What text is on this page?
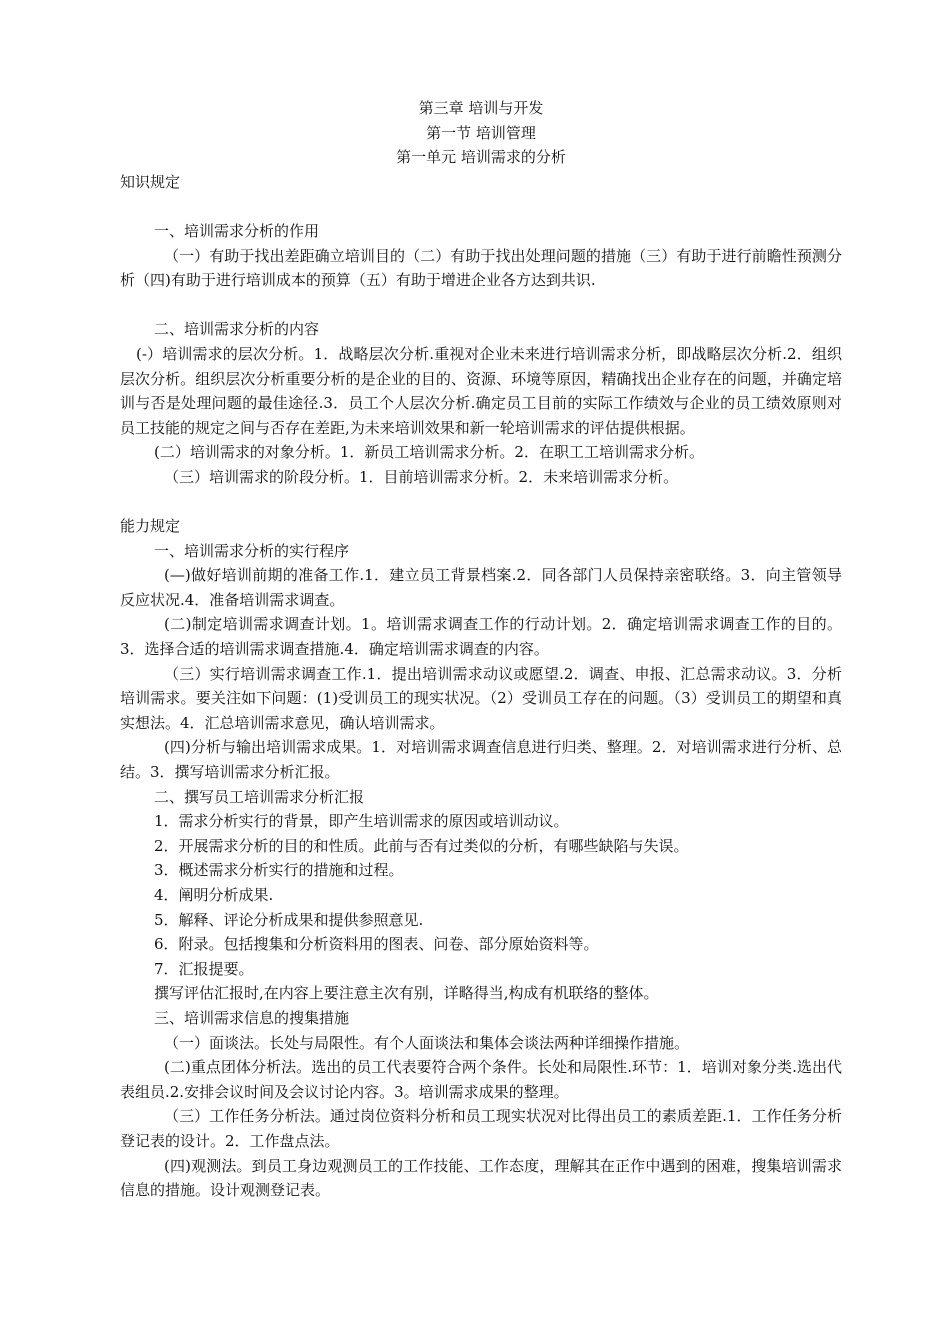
第三章 培训与开发
第一节 培训管理
第一单元 培训需求的分析
知识规定
一、培训需求分析的作用
（一）有助于找出差距确立培训目的（二）有助于找出处理问题的措施（三）有助于进行前瞻性预测分析（四)有助于进行培训成本的预算（五）有助于增进企业各方达到共识.
二、培训需求分析的内容
(-）培训需求的层次分析。1．战略层次分析.重视对企业未来进行培训需求分析，即战略层次分析.2．组织层次分析。组织层次分析重要分析的是企业的目的、资源、环境等原因，精确找出企业存在的问题，并确定培训与否是处理问题的最佳途径.3．员工个人层次分析.确定员工目前的实际工作绩效与企业的员工绩效原则对员工技能的规定之间与否存在差距,为未来培训效果和新一轮培训需求的评估提供根据。
(二）培训需求的对象分析。1．新员工培训需求分析。2．在职工工培训需求分析。
（三）培训需求的阶段分析。1．目前培训需求分析。2．未来培训需求分析。
能力规定
一、培训需求分析的实行程序
(—)做好培训前期的准备工作.1．建立员工背景档案.2．同各部门人员保持亲密联络。3．向主管领导反应状况.4．准备培训需求调查。
(二)制定培训需求调查计划。1。培训需求调查工作的行动计划。2．确定培训需求调查工作的目的。3．选择合适的培训需求调查措施.4．确定培训需求调查的内容。
（三）实行培训需求调查工作.1．提出培训需求动议或愿望.2．调查、申报、汇总需求动议。3．分析培训需求。要关注如下问题：(1)受训员工的现实状况。（2）受训员工存在的问题。（3）受训员工的期望和真实想法。4．汇总培训需求意见，确认培训需求。
(四)分析与输出培训需求成果。1．对培训需求调查信息进行归类、整理。2．对培训需求进行分析、总结。3．撰写培训需求分析汇报。
二、撰写员工培训需求分析汇报
1．需求分析实行的背景，即产生培训需求的原因或培训动议。
2．开展需求分析的目的和性质。此前与否有过类似的分析，有哪些缺陷与失误。
3．概述需求分析实行的措施和过程。
4．阐明分析成果.
5．解释、评论分析成果和提供参照意见.
6．附录。包括搜集和分析资料用的图表、问卷、部分原始资料等。
7．汇报提要。
撰写评估汇报时,在内容上要注意主次有别，详略得当,构成有机联络的整体。
三、培训需求信息的搜集措施
（一）面谈法。长处与局限性。有个人面谈法和集体会谈法两种详细操作措施。
(二)重点团体分析法。选出的员工代表要符合两个条件。长处和局限性.环节：1．培训对象分类.选出代表组员.2.安排会议时间及会议讨论内容。3。培训需求成果的整理。
（三）工作任务分析法。通过岗位资料分析和员工现实状况对比得出员工的素质差距.1．工作任务分析登记表的设计。2．工作盘点法。
(四)观测法。到员工身边观测员工的工作技能、工作态度，理解其在正作中遇到的困难，搜集培训需求信息的措施。设计观测登记表。
